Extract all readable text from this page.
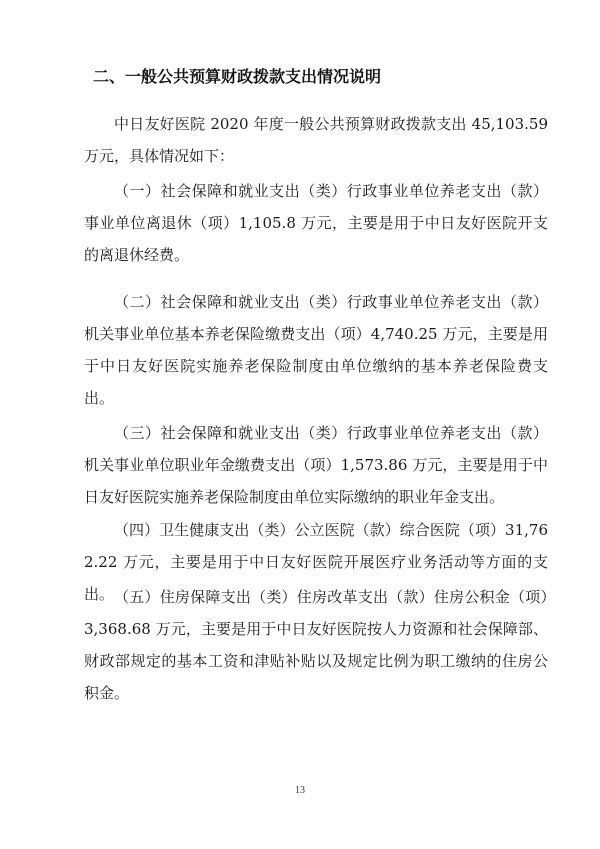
二、一般公共预算财政拨款支出情况说明

中日友好医院 2020 年度一般公共预算财政拨款支出 45,103.59 万元，具体情况如下：

（一）社会保障和就业支出（类）行政事业单位养老支出（款）事业单位离退休（项）1,105.8 万元，主要是用于中日友好医院开支的离退休经费。

（二）社会保障和就业支出（类）行政事业单位养老支出（款）机关事业单位基本养老保险缴费支出（项）4,740.25 万元，主要是用于中日友好医院实施养老保险制度由单位缴纳的基本养老保险费支出。

（三）社会保障和就业支出（类）行政事业单位养老支出（款）机关事业单位职业年金缴费支出（项）1,573.86 万元，主要是用于中日友好医院实施养老保险制度由单位实际缴纳的职业年金支出。

（四）卫生健康支出（类）公立医院（款）综合医院（项）31,762.22 万元，主要是用于中日友好医院开展医疗业务活动等方面的支出。 （五）住房保障支出（类）住房改革支出（款）住房公积金（项）3,368.68 万元，主要是用于中日友好医院按人力资源和社会保障部、财政部规定的基本工资和津贴补贴以及规定比例为职工缴纳的住房公积金。

13
